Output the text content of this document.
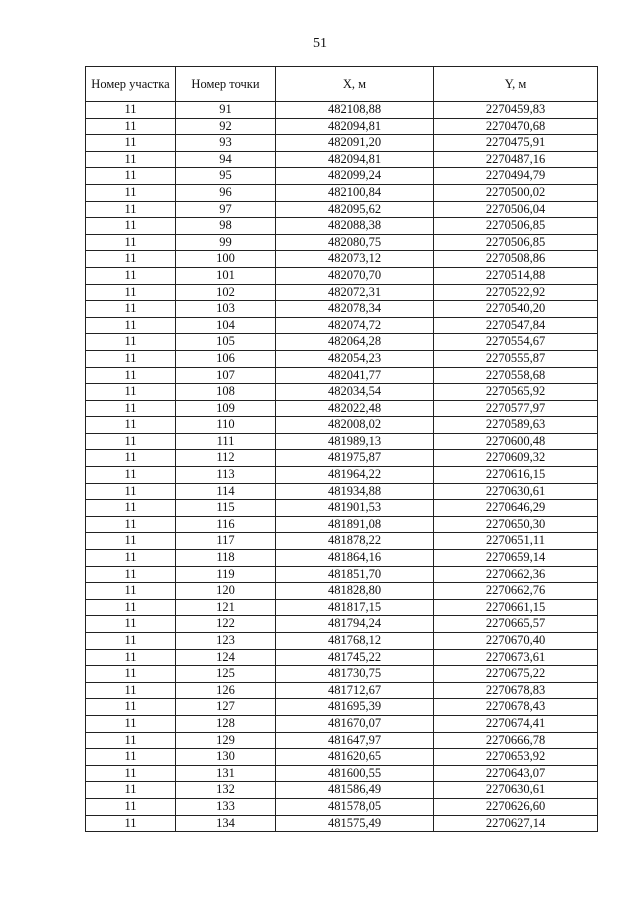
51
Номер участка	Номер точки	X, м	Y, м
11	91	482108,88	2270459,83
11	92	482094,81	2270470,68
11	93	482091,20	2270475,91
11	94	482094,81	2270487,16
11	95	482099,24	2270494,79
11	96	482100,84	2270500,02
11	97	482095,62	2270506,04
11	98	482088,38	2270506,85
11	99	482080,75	2270506,85
11	100	482073,12	2270508,86
11	101	482070,70	2270514,88
11	102	482072,31	2270522,92
11	103	482078,34	2270540,20
11	104	482074,72	2270547,84
11	105	482064,28	2270554,67
11	106	482054,23	2270555,87
11	107	482041,77	2270558,68
11	108	482034,54	2270565,92
11	109	482022,48	2270577,97
11	110	482008,02	2270589,63
11	111	481989,13	2270600,48
11	112	481975,87	2270609,32
11	113	481964,22	2270616,15
11	114	481934,88	2270630,61
11	115	481901,53	2270646,29
11	116	481891,08	2270650,30
11	117	481878,22	2270651,11
11	118	481864,16	2270659,14
11	119	481851,70	2270662,36
11	120	481828,80	2270662,76
11	121	481817,15	2270661,15
11	122	481794,24	2270665,57
11	123	481768,12	2270670,40
11	124	481745,22	2270673,61
11	125	481730,75	2270675,22
11	126	481712,67	2270678,83
11	127	481695,39	2270678,43
11	128	481670,07	2270674,41
11	129	481647,97	2270666,78
11	130	481620,65	2270653,92
11	131	481600,55	2270643,07
11	132	481586,49	2270630,61
11	133	481578,05	2270626,60
11	134	481575,49	2270627,14
